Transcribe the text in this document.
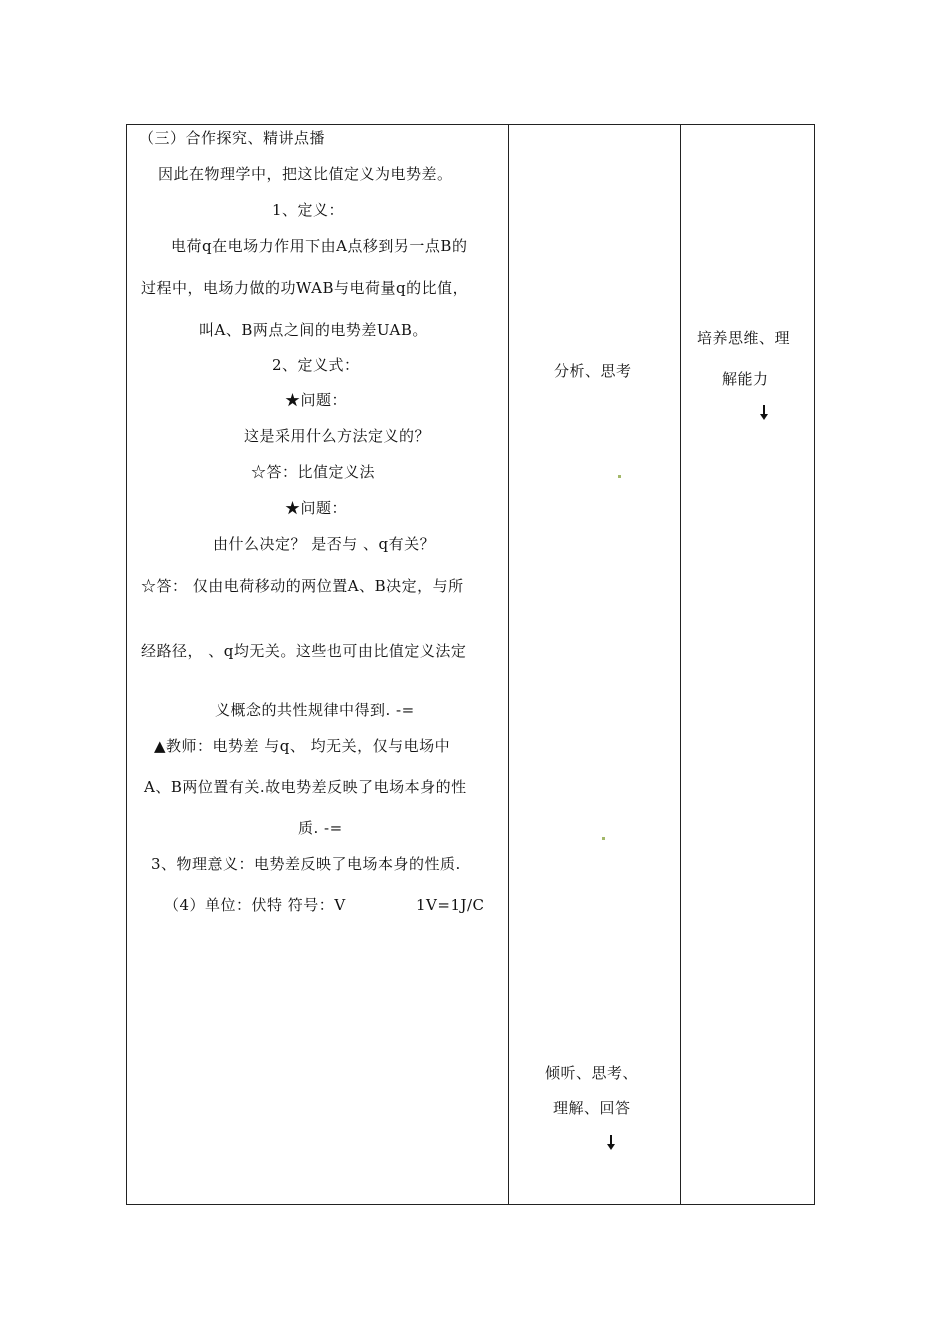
（三）合作探究、精讲点播
因此在物理学中，把这比值定义为电势差。
1、定义：
电荷q在电场力作用下由A点移到另一点B的
过程中，电场力做的功WAB与电荷量q的比值，
叫A、B两点之间的电势差UAB。
2、定义式：
★问题：
这是采用什么方法定义的？
☆答：比值定义法
★问题：
由什么决定？ 是否与 、q有关？
☆答： 仅由电荷移动的两位置A、B决定，与所
经路径， 、q均无关。这些也可由比值定义法定
义概念的共性规律中得到. -=
▲教师：电势差 与q、 均无关，仅与电场中
A、B两位置有关.故电势差反映了电场本身的性
质. -=
3、物理意义：电势差反映了电场本身的性质.
（4）单位：伏特 符号：V	1V=1J/C
分析、思考
倾听、思考、
理解、回答
培养思维、理
解能力
